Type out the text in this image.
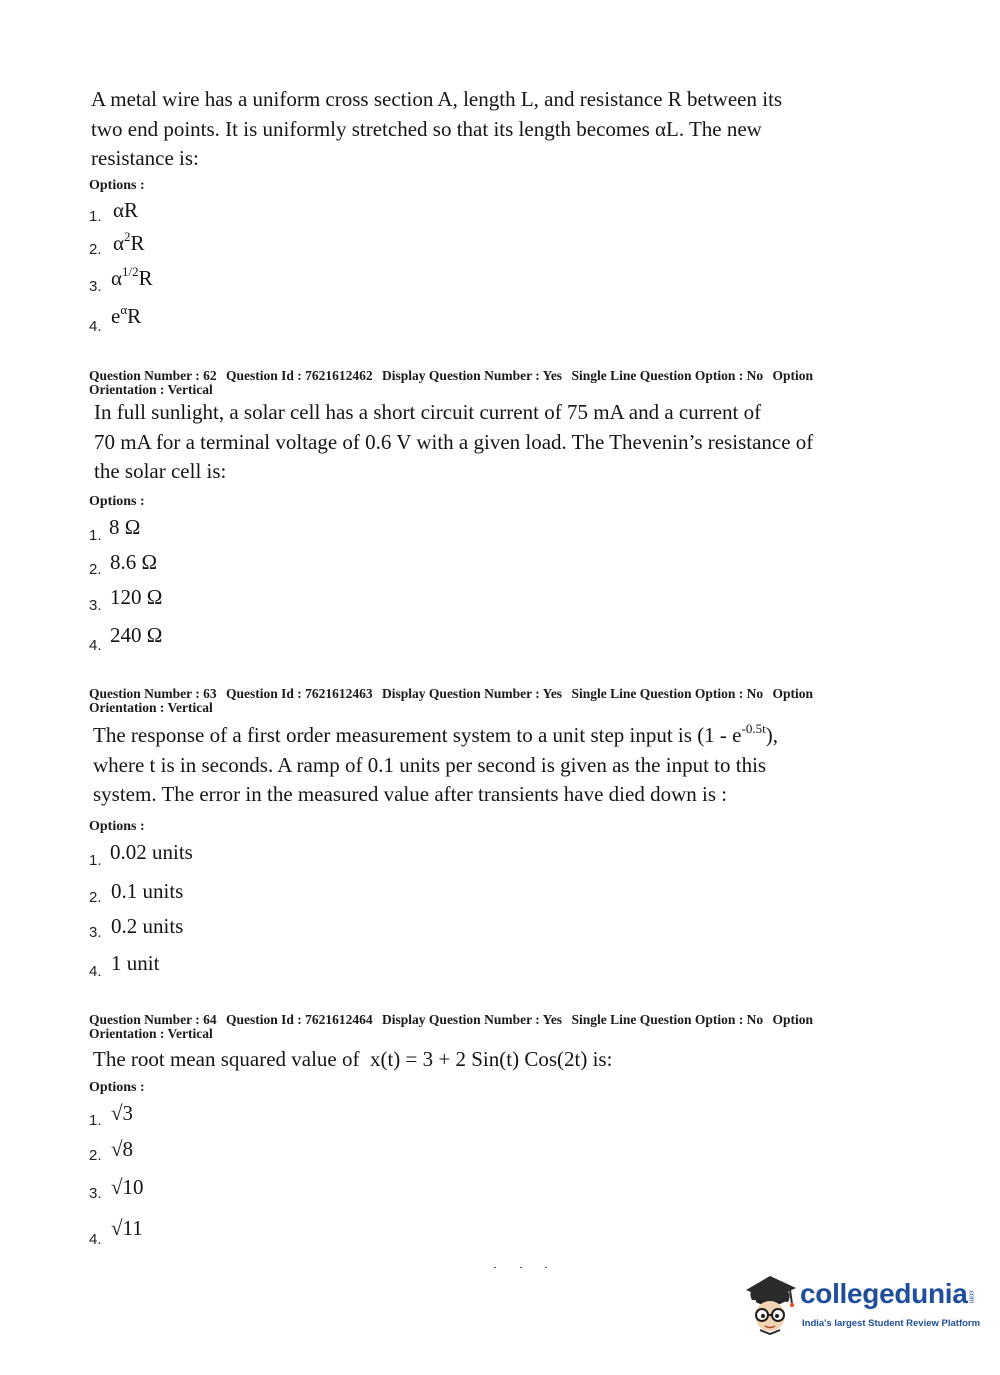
A metal wire has a uniform cross section A, length L, and resistance R between its
two end points. It is uniformly stretched so that its length becomes αL. The new
resistance is:
Options :
1. αR
2. $\alpha^2R$
3. $\alpha^{1/2}R$
4. $e^\alpha R$
Question Number : 62 Question Id : 7621612462 Display Question Number : Yes Single Line Question Option : No Option
Orientation : Vertical
In full sunlight, a solar cell has a short circuit current of 75 mA and a current of
70 mA for a terminal voltage of 0.6 V with a given load. The Thevenin’s resistance of
the solar cell is:
Options :
1. 8 Ω
2. 8.6 Ω
3. 120 Ω
4. 240 Ω
Question Number : 63 Question Id : 7621612463 Display Question Number : Yes Single Line Question Option : No Option
Orientation : Vertical
The response of a first order measurement system to a unit step input is $(1 - e^{-0.5t})$,
where t is in seconds. A ramp of 0.1 units per second is given as the input to this
system. The error in the measured value after transients have died down is :
Options :
1. 0.02 units
2. 0.1 units
3. 0.2 units
4. 1 unit
Question Number : 64 Question Id : 7621612464 Display Question Number : Yes Single Line Question Option : No Option
Orientation : Vertical
The root mean squared value of  x(t) = 3 + 2 Sin(t) Cos(2t) is:
Options :
1. √3
2. √8
3. √10
4. √11
collegedunia.com
India's largest Student Review Platform
